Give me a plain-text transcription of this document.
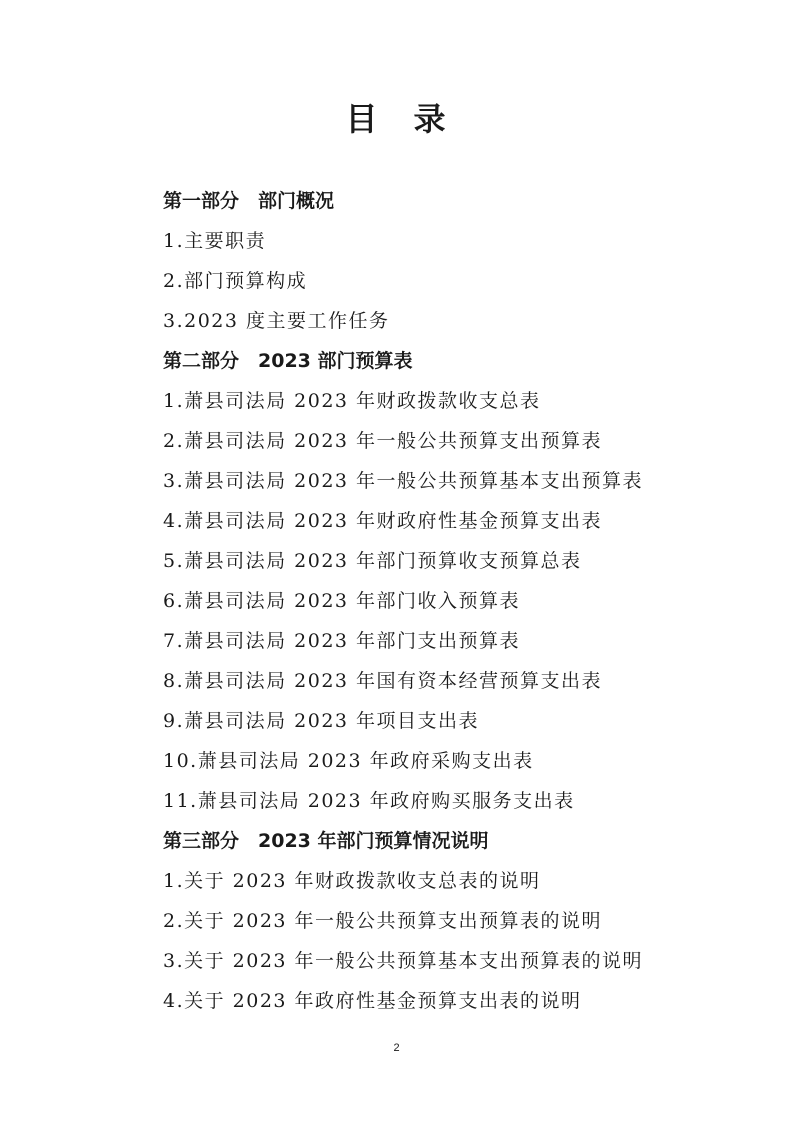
目　录
第一部分　部门概况
1.主要职责
2.部门预算构成
3.2023 度主要工作任务
第二部分　2023 部门预算表
1.萧县司法局 2023 年财政拨款收支总表
2.萧县司法局 2023 年一般公共预算支出预算表
3.萧县司法局 2023 年一般公共预算基本支出预算表
4.萧县司法局 2023 年财政府性基金预算支出表
5.萧县司法局 2023 年部门预算收支预算总表
6.萧县司法局 2023 年部门收入预算表
7.萧县司法局 2023 年部门支出预算表
8.萧县司法局 2023 年国有资本经营预算支出表
9.萧县司法局 2023 年项目支出表
10.萧县司法局 2023 年政府采购支出表
11.萧县司法局 2023 年政府购买服务支出表
第三部分　2023 年部门预算情况说明
1.关于 2023 年财政拨款收支总表的说明
2.关于 2023 年一般公共预算支出预算表的说明
3.关于 2023 年一般公共预算基本支出预算表的说明
4.关于 2023 年政府性基金预算支出表的说明
2
